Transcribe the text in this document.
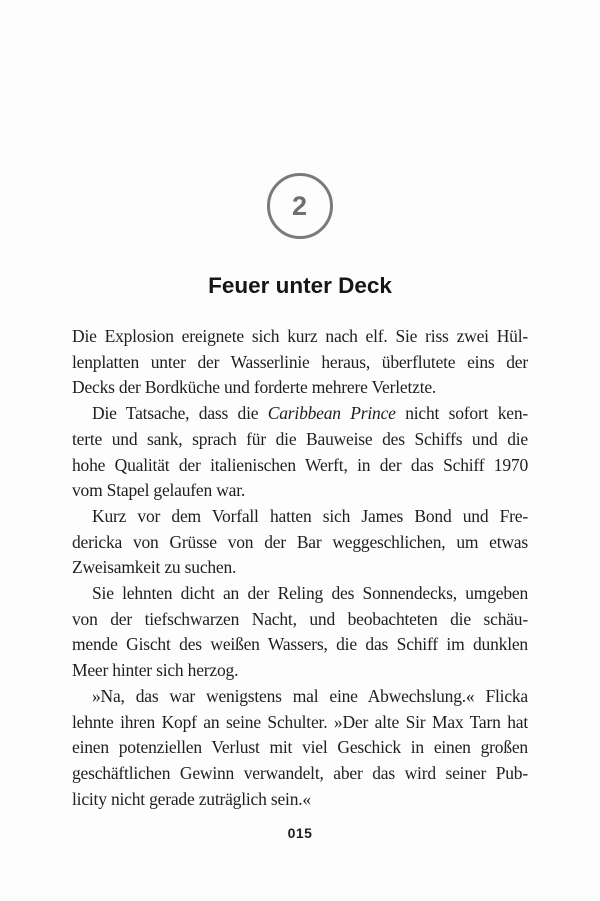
2
Feuer unter Deck
Die Explosion ereignete sich kurz nach elf. Sie riss zwei Hül-
lenplatten unter der Wasserlinie heraus, überflutete eins der
Decks der Bordküche und forderte mehrere Verletzte.
Die Tatsache, dass die Caribbean Prince nicht sofort ken-
terte und sank, sprach für die Bauweise des Schiffs und die
hohe Qualität der italienischen Werft, in der das Schiff 1970
vom Stapel gelaufen war.
Kurz vor dem Vorfall hatten sich James Bond und Fre-
dericka von Grüsse von der Bar weggeschlichen, um etwas
Zweisamkeit zu suchen.
Sie lehnten dicht an der Reling des Sonnendecks, umgeben
von der tiefschwarzen Nacht, und beobachteten die schäu-
mende Gischt des weißen Wassers, die das Schiff im dunklen
Meer hinter sich herzog.
»Na, das war wenigstens mal eine Abwechslung.« Flicka
lehnte ihren Kopf an seine Schulter. »Der alte Sir Max Tarn hat
einen potenziellen Verlust mit viel Geschick in einen großen
geschäftlichen Gewinn verwandelt, aber das wird seiner Pub-
licity nicht gerade zuträglich sein.«
015
